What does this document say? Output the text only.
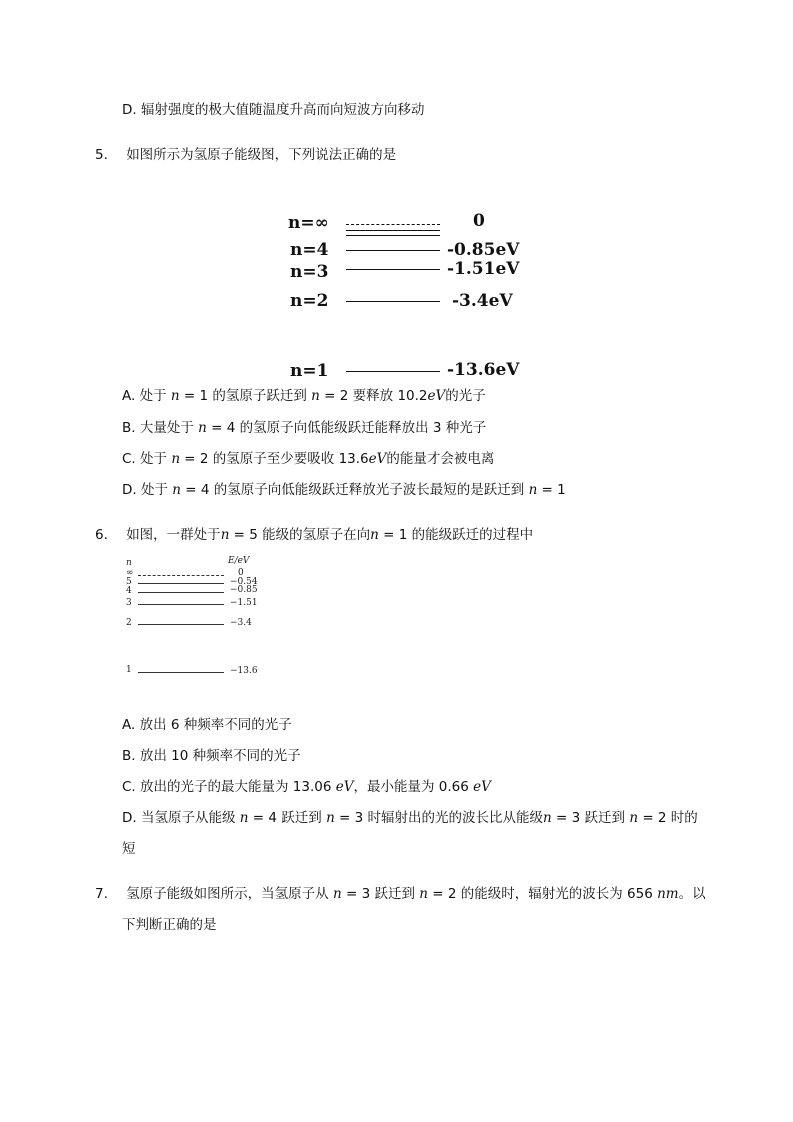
D. 辐射强度的极大值随温度升高而向短波方向移动
5. 如图所示为氢原子能级图，下列说法正确的是
n=∞	0
n=4	-0.85eV
n=3	-1.51eV
n=2	-3.4eV
n=1	-13.6eV
A. 处于 n = 1 的氢原子跃迁到 n = 2 要释放 10.2eV的光子
B. 大量处于 n = 4 的氢原子向低能级跃迁能释放出 3 种光子
C. 处于 n = 2 的氢原子至少要吸收 13.6eV的能量才会被电离
D. 处于 n = 4 的氢原子向低能级跃迁释放光子波长最短的是跃迁到 n = 1
6. 如图，一群处于n = 5 能级的氢原子在向n = 1 的能级跃迁的过程中
n	E/eV
∞	0
5	−0.54
4	−0.85
3	−1.51
2	−3.4
1	−13.6
A. 放出 6 种频率不同的光子
B. 放出 10 种频率不同的光子
C. 放出的光子的最大能量为 13.06 eV，最小能量为 0.66 eV
D. 当氢原子从能级 n = 4 跃迁到 n = 3 时辐射出的光的波长比从能级n = 3 跃迁到 n = 2 时的
短
7. 氢原子能级如图所示，当氢原子从 n = 3 跃迁到 n = 2 的能级时，辐射光的波长为 656 nm。以
下判断正确的是
